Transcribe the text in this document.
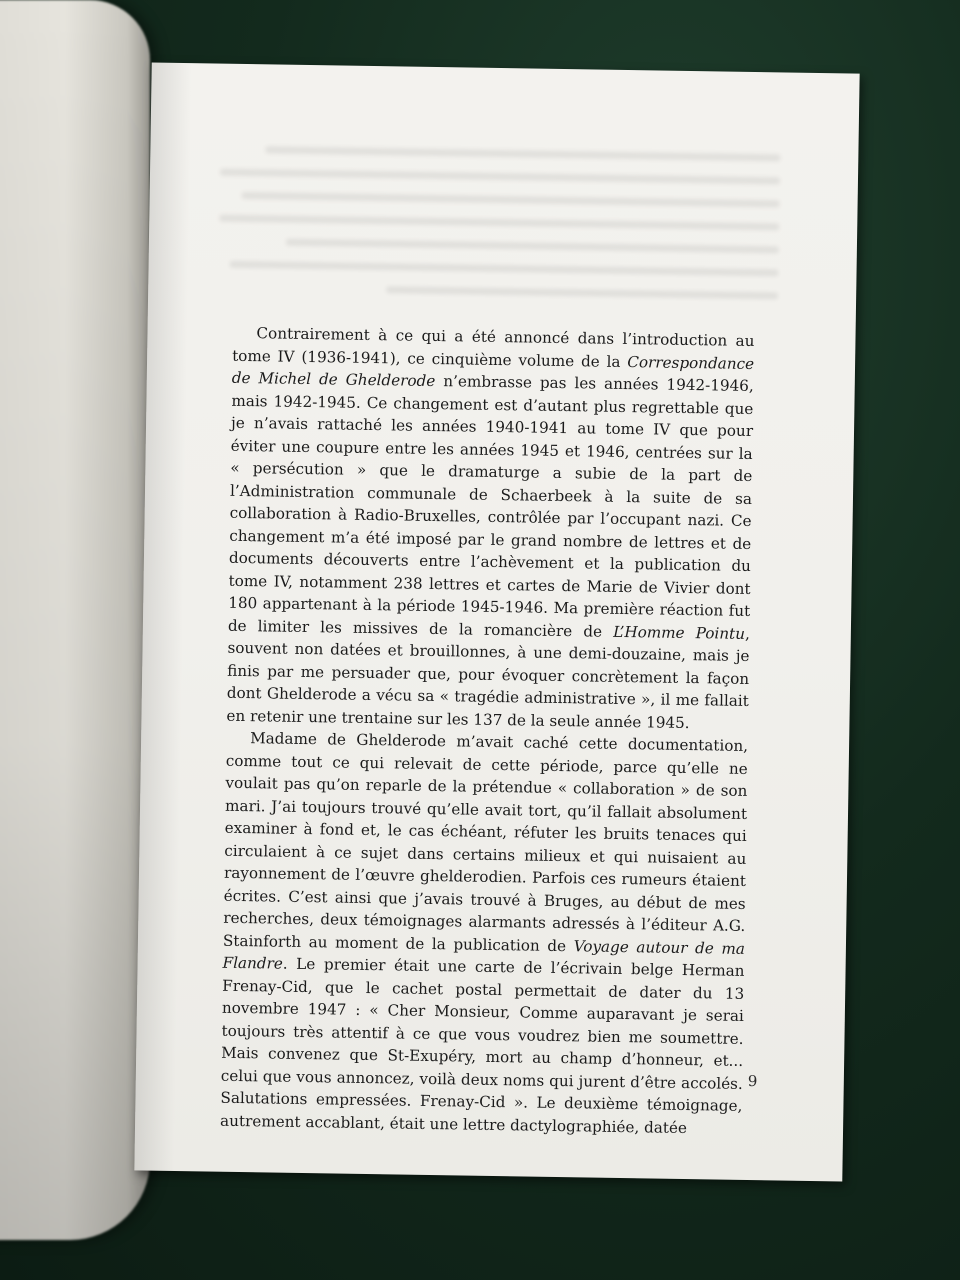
Contrairement à ce qui a été annoncé dans l’introduction au tome IV (1936-1941), ce cinquième volume de la Correspondance de Michel de Ghelderode n’embrasse pas les années 1942-1946, mais 1942-1945. Ce changement est d’autant plus regrettable que je n’avais rattaché les années 1940-1941 au tome IV que pour éviter une coupure entre les années 1945 et 1946, centrées sur la « persécution » que le dramaturge a subie de la part de l’Administration communale de Schaerbeek à la suite de sa collaboration à Radio-Bruxelles, contrôlée par l’occupant nazi. Ce changement m’a été imposé par le grand nombre de lettres et de documents découverts entre l’achèvement et la publication du tome IV, notamment 238 lettres et cartes de Marie de Vivier dont 180 appartenant à la période 1945-1946. Ma première réaction fut de limiter les missives de la romancière de L’Homme Pointu, souvent non datées et brouillonnes, à une demi-douzaine, mais je finis par me persuader que, pour évoquer concrètement la façon dont Ghelderode a vécu sa « tragédie administrative », il me fallait en retenir une trentaine sur les 137 de la seule année 1945.

Madame de Ghelderode m’avait caché cette documentation, comme tout ce qui relevait de cette période, parce qu’elle ne voulait pas qu’on reparle de la prétendue « collaboration » de son mari. J’ai toujours trouvé qu’elle avait tort, qu’il fallait absolument examiner à fond et, le cas échéant, réfuter les bruits tenaces qui circulaient à ce sujet dans certains milieux et qui nuisaient au rayonnement de l’œuvre ghelderodien. Parfois ces rumeurs étaient écrites. C’est ainsi que j’avais trouvé à Bruges, au début de mes recherches, deux témoignages alarmants adressés à l’éditeur A.G. Stainforth au moment de la publication de Voyage autour de ma Flandre. Le premier était une carte de l’écrivain belge Herman Frenay-Cid, que le cachet postal permettait de dater du 13 novembre 1947 : « Cher Monsieur, Comme auparavant je serai toujours très attentif à ce que vous voudrez bien me soumettre. Mais convenez que St-Exupéry, mort au champ d’honneur, et... celui que vous annoncez, voilà deux noms qui jurent d’être accolés. Salutations empressées. Frenay-Cid ». Le deuxième témoignage, autrement accablant, était une lettre dactylographiée, datée

9
